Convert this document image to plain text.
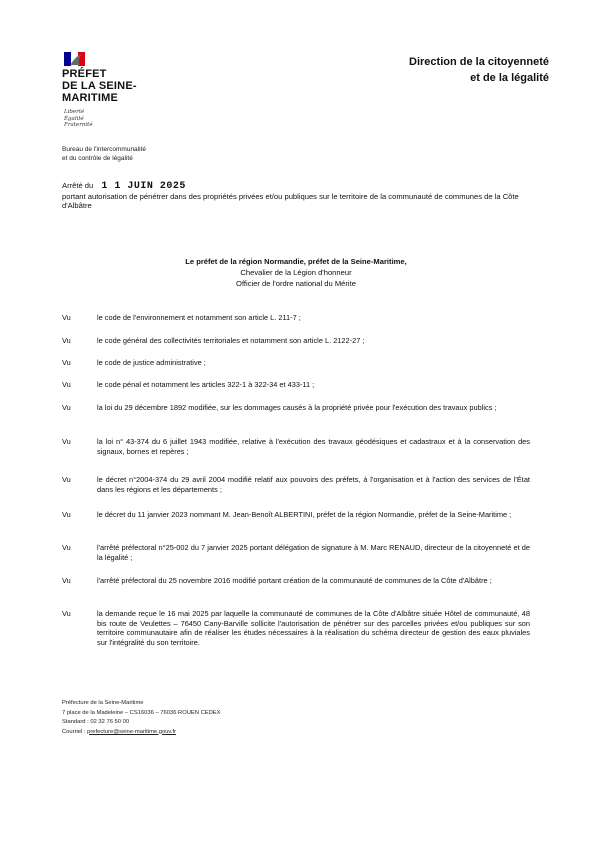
PRÉFET
DE LA SEINE-
MARITIME
Liberté
Égalité
Fraternité
Direction de la citoyenneté
et de la légalité
Bureau de l'intercommunalité
et du contrôle de légalité
Arrêté du 1 1 JUIN 2025
portant autorisation de pénétrer dans des propriétés privées et/ou publiques sur le territoire de la communauté de communes de la Côte d'Albâtre
Le préfet de la région Normandie, préfet de la Seine-Maritime,
Chevalier de la Légion d'honneur
Officier de l'ordre national du Mérite
Vu	le code de l'environnement et notamment son article L. 211-7 ;
Vu	le code général des collectivités territoriales et notamment son article L. 2122-27 ;
Vu	le code de justice administrative ;
Vu	le code pénal et notamment les articles 322-1 à 322-34 et 433-11 ;
Vu	la loi du 29 décembre 1892 modifiée, sur les dommages causés à la propriété privée pour l'exécution des travaux publics ;
Vu	la loi n° 43-374 du 6 juillet 1943 modifiée, relative à l'exécution des travaux géodésiques et cadastraux et à la conservation des signaux, bornes et repères ;
Vu	le décret n°2004-374 du 29 avril 2004 modifié relatif aux pouvoirs des préfets, à l'organisation et à l'action des services de l'État dans les régions et les départements ;
Vu	le décret du 11 janvier 2023 nommant M. Jean-Benoît ALBERTINI, préfet de la région Normandie, préfet de la Seine-Maritime ;
Vu	l'arrêté préfectoral n°25-002 du 7 janvier 2025 portant délégation de signature à M. Marc RENAUD, directeur de la citoyenneté et de la légalité ;
Vu	l'arrêté préfectoral du 25 novembre 2016 modifié portant création de la communauté de communes de la Côte d'Albâtre ;
Vu	la demande reçue le 16 mai 2025 par laquelle la communauté de communes de la Côte d'Albâtre située Hôtel de communauté, 48 bis route de Veulettes – 76450 Cany-Barville sollicite l'autorisation de pénétrer sur des parcelles privées et/ou publiques sur son territoire communautaire afin de réaliser les études nécessaires à la réalisation du schéma directeur de gestion des eaux pluviales sur l'intégralité du son territoire.
Préfecture de la Seine-Maritime
7 place de la Madeleine – CS16036 – 76036 ROUEN CEDEX
Standard : 02 32 76 50 00
Courriel : prefecture@seine-maritime.gouv.fr
